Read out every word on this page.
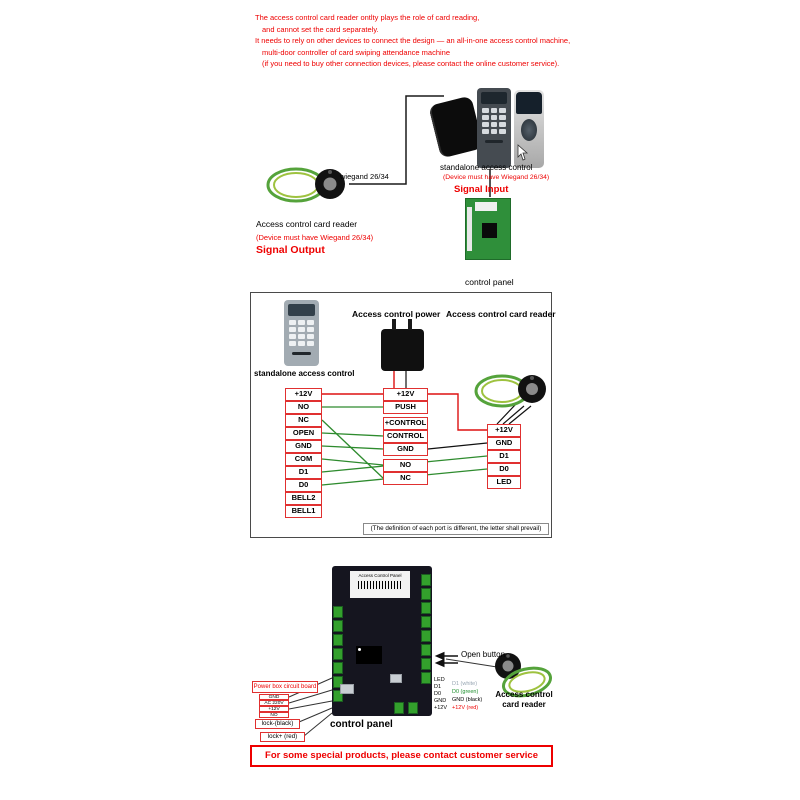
The access control card reader ontlty plays the role of card reading,
and cannot set the card separately.
It needs to rely on other devices to connect the design — an all-in-one access control machine,
multi-door controller of card swiping attendance machine
(if you need to buy other connection devices, please contact the online customer service).
wiegand 26/34
standalone access control
(Device must have Wiegand 26/34)
Signal Input
Access control card reader
(Device must have Wiegand 26/34)
Signal Output
control panel
standalone access control
Access control power Access control card reader
+12V
NO
NC
OPEN
GND
COM
D1
D0
BELL2
BELL1
+12V
PUSH
+CONTROL
CONTROL
GND
NO
NC
+12V
GND
D1
D0
LED
(The definition of each port is different, the letter shall prevail)
Access Control Panel
Open button
Access control
card reader
Power box circuit board
GND
AC 220V
+12V
NO
lock-(black)
lock+ (red)
LED
D1
D0
GND
+12V
D1 (white)
D0 (green)
GND (black)
+12V (red)
control panel
For some special products, please contact customer service
